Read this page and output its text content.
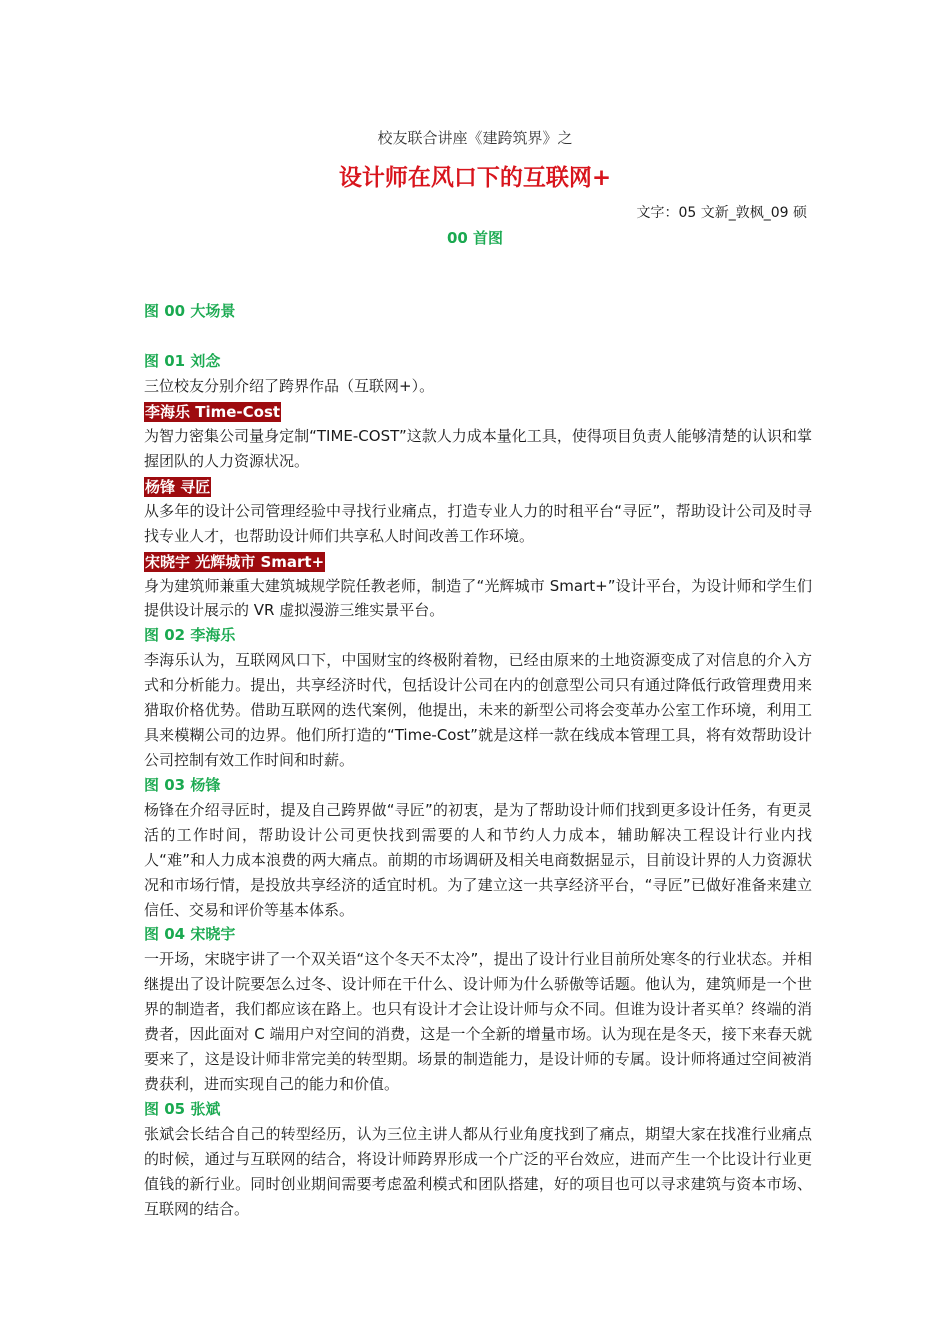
校友联合讲座《建跨筑界》之
设计师在风口下的互联网+
文字：05 文新_敦枫_09 硕
00 首图
图 00 大场景
图 01 刘念
三位校友分别介绍了跨界作品（互联网+）。
李海乐 Time-Cost
为智力密集公司量身定制“TIME-COST”这款人力成本量化工具，使得项目负责人能够清楚的认识和掌握团队的人力资源状况。
杨锋 寻匠
从多年的设计公司管理经验中寻找行业痛点，打造专业人力的时租平台“寻匠”，帮助设计公司及时寻找专业人才，也帮助设计师们共享私人时间改善工作环境。
宋晓宇 光辉城市 Smart+
身为建筑师兼重大建筑城规学院任教老师，制造了“光辉城市 Smart+”设计平台，为设计师和学生们提供设计展示的 VR 虚拟漫游三维实景平台。
图 02 李海乐
李海乐认为，互联网风口下，中国财宝的终极附着物，已经由原来的土地资源变成了对信息的介入方式和分析能力。提出，共享经济时代，包括设计公司在内的创意型公司只有通过降低行政管理费用来猎取价格优势。借助互联网的迭代案例，他提出，未来的新型公司将会变革办公室工作环境，利用工具来模糊公司的边界。他们所打造的“Time-Cost”就是这样一款在线成本管理工具，将有效帮助设计公司控制有效工作时间和时薪。
图 03 杨锋
杨锋在介绍寻匠时，提及自己跨界做“寻匠”的初衷，是为了帮助设计师们找到更多设计任务，有更灵活的工作时间，帮助设计公司更快找到需要的人和节约人力成本，辅助解决工程设计行业内找人“难”和人力成本浪费的两大痛点。前期的市场调研及相关电商数据显示，目前设计界的人力资源状况和市场行情，是投放共享经济的适宜时机。为了建立这一共享经济平台，“寻匠”已做好准备来建立信任、交易和评价等基本体系。
图 04 宋晓宇
一开场，宋晓宇讲了一个双关语“这个冬天不太冷”，提出了设计行业目前所处寒冬的行业状态。并相继提出了设计院要怎么过冬、设计师在干什么、设计师为什么骄傲等话题。他认为，建筑师是一个世界的制造者，我们都应该在路上。也只有设计才会让设计师与众不同。但谁为设计者买单？终端的消费者，因此面对 C 端用户对空间的消费，这是一个全新的增量市场。认为现在是冬天，接下来春天就要来了，这是设计师非常完美的转型期。场景的制造能力，是设计师的专属。设计师将通过空间被消费获利，进而实现自己的能力和价值。
图 05 张斌
张斌会长结合自己的转型经历，认为三位主讲人都从行业角度找到了痛点，期望大家在找准行业痛点的时候，通过与互联网的结合，将设计师跨界形成一个广泛的平台效应，进而产生一个比设计行业更值钱的新行业。同时创业期间需要考虑盈利模式和团队搭建，好的项目也可以寻求建筑与资本市场、互联网的结合。
